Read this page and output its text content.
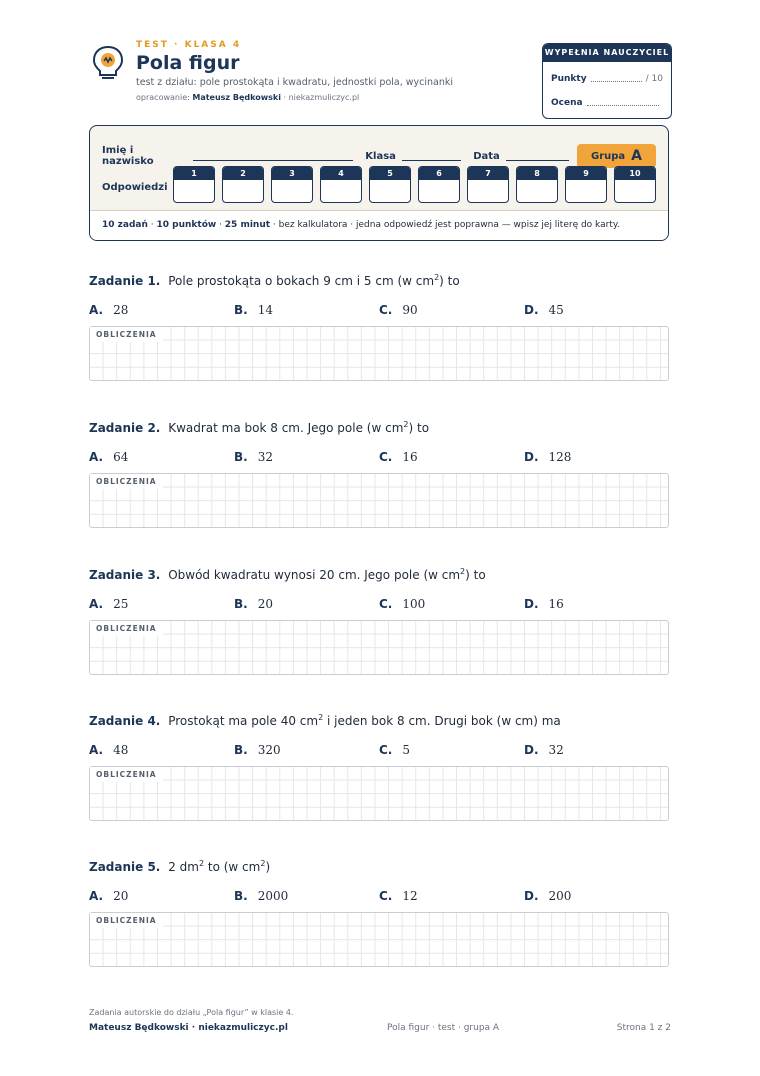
TEST · KLASA 4
Pola figur
test z działu: pole prostokąta i kwadratu, jednostki pola, wycinanki
opracowanie: Mateusz Będkowski · niekazmuliczyc.pl
WYPEŁNIA NAUCZYCIEL
Punkty	/ 10
Ocena
Imię i nazwisko	Klasa	Data	Grupa A
Odpowiedzi
1	2	3	4	5	6	7	8	9	10
10 zadań · 10 punktów · 25 minut · bez kalkulatora · jedna odpowiedź jest poprawna — wpisz jej literę do karty.
Zadanie 1. Pole prostokąta o bokach 9 cm i 5 cm (w $cm^2$) to
A. 28	B. 14	C. 90	D. 45
OBLICZENIA
Zadanie 2. Kwadrat ma bok 8 cm. Jego pole (w $cm^2$) to
A. 64	B. 32	C. 16	D. 128
OBLICZENIA
Zadanie 3. Obwód kwadratu wynosi 20 cm. Jego pole (w $cm^2$) to
A. 25	B. 20	C. 100	D. 16
OBLICZENIA
Zadanie 4. Prostokąt ma pole 40 $cm^2$ i jeden bok 8 cm. Drugi bok (w cm) ma
A. 48	B. 320	C. 5	D. 32
OBLICZENIA
Zadanie 5. 2 $dm^2$ to (w $cm^2$)
A. 20	B. 2000	C. 12	D. 200
OBLICZENIA
Zadania autorskie do działu „Pola figur” w klasie 4.
Mateusz Będkowski · niekazmuliczyc.pl	Pola figur · test · grupa A	Strona 1 z 2
